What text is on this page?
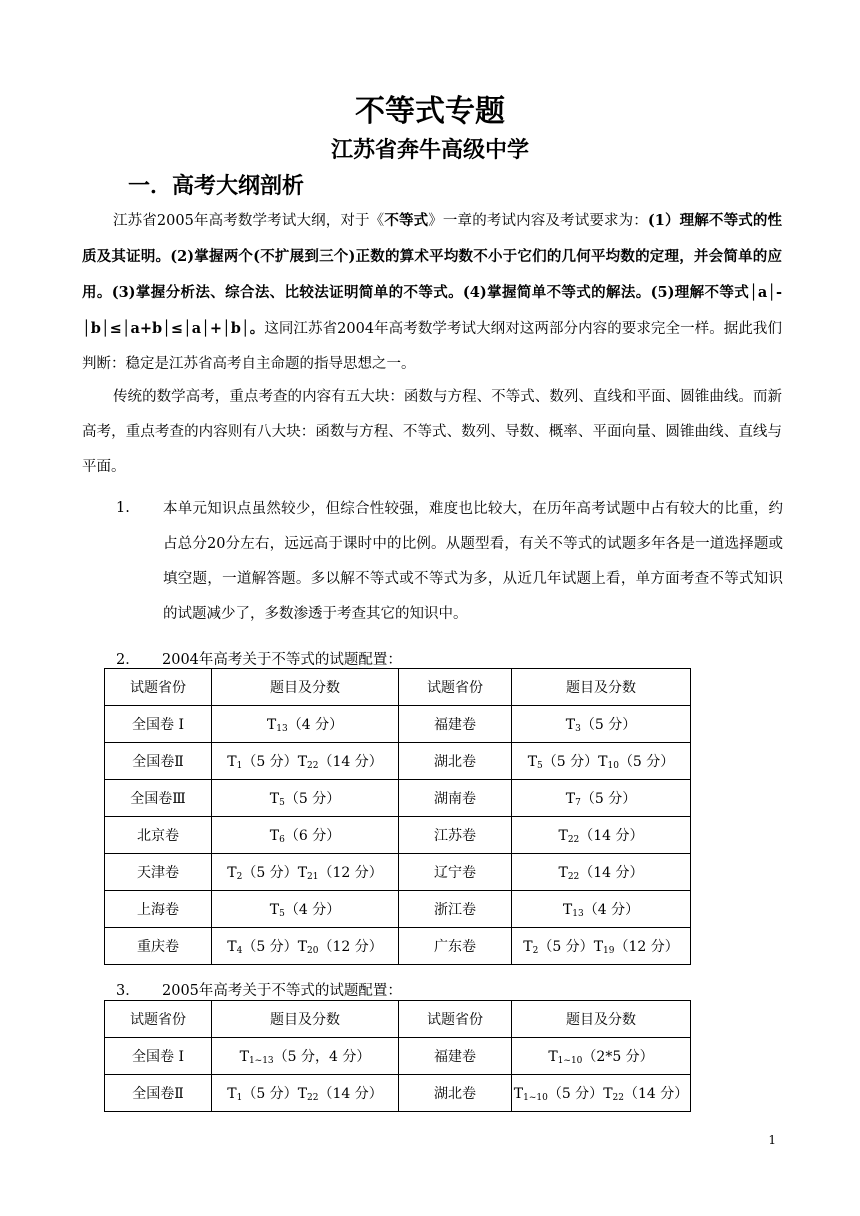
不等式专题
江苏省奔牛高级中学
一．高考大纲剖析
江苏省2005年高考数学考试大纲，对于《不等式》一章的考试内容及考试要求为：(1）理解不等式的性质及其证明。(2)掌握两个(不扩展到三个)正数的算术平均数不小于它们的几何平均数的定理，并会简单的应用。(3)掌握分析法、综合法、比较法证明简单的不等式。(4)掌握简单不等式的解法。(5)理解不等式│a│-│b│≤│a+b│≤│a│+│b│。这同江苏省2004年高考数学考试大纲对这两部分内容的要求完全一样。据此我们判断：稳定是江苏省高考自主命题的指导思想之一。
传统的数学高考，重点考查的内容有五大块：函数与方程、不等式、数列、直线和平面、圆锥曲线。而新高考，重点考查的内容则有八大块：函数与方程、不等式、数列、导数、概率、平面向量、圆锥曲线、直线与平面。
1. 本单元知识点虽然较少，但综合性较强，难度也比较大，在历年高考试题中占有较大的比重，约占总分20分左右，远远高于课时中的比例。从题型看，有关不等式的试题多年各是一道选择题或填空题，一道解答题。多以解不等式或不等式为多，从近几年试题上看，单方面考查不等式知识的试题减少了，多数渗透于考查其它的知识中。
2． 2004年高考关于不等式的试题配置：
试题省份	题目及分数	试题省份	题目及分数
全国卷 I	$T_{13}(4$ 分）	福建卷	$T_3(5$ 分）
全国卷Ⅱ	$T_1(5$ 分）$T_{22}(14$ 分）	湖北卷	$T_5(5$ 分）$T_{10}(5$ 分）
全国卷Ⅲ	$T_5(5$ 分）	湖南卷	$T_7(5$ 分）
北京卷	$T_6(6$ 分）	江苏卷	$T_{22}(14$ 分）
天津卷	$T_2(5$ 分）$T_{21}(12$ 分）	辽宁卷	$T_{22}(14$ 分）
上海卷	$T_5(4$ 分）	浙江卷	$T_{13}(4$ 分）
重庆卷	$T_4(5$ 分）$T_{20}(12$ 分）	广东卷	$T_2(5$ 分）$T_{19}(12$ 分）
3． 2005年高考关于不等式的试题配置：
试题省份	题目及分数	试题省份	题目及分数
全国卷 I	$T_{1\sim 13}(5$ 分，4 分）	福建卷	$T_{1\sim 10}(2*5$ 分）
全国卷Ⅱ	$T_1(5$ 分）$T_{22}(14$ 分）	湖北卷	$T_{1\sim 10}(5$ 分）$T_{22}(14$ 分）
1
